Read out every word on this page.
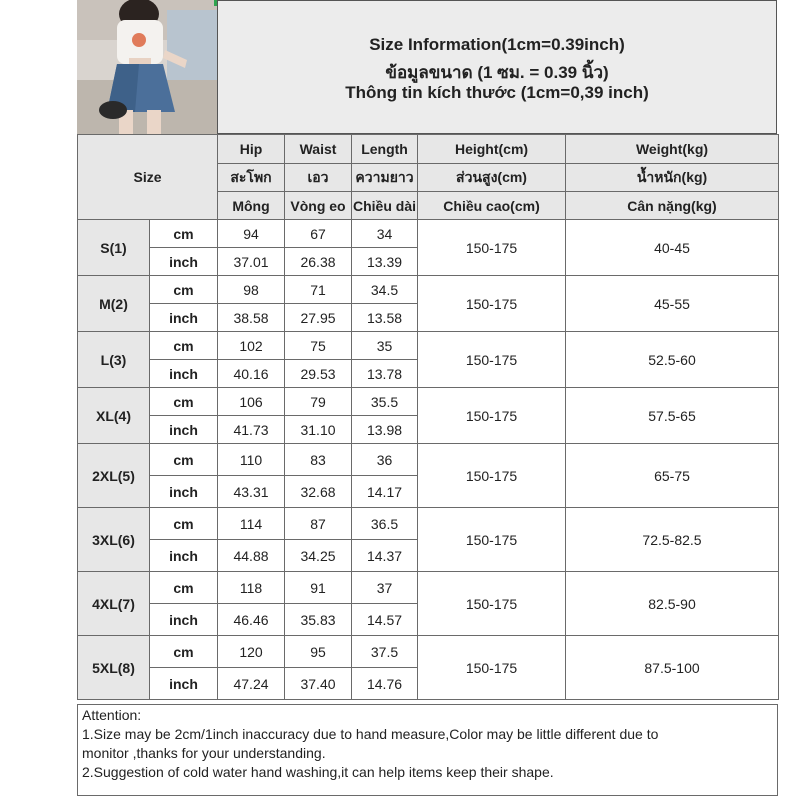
Size Information(1cm=0.39inch)
ข้อมูลขนาด (1 ซม. = 0.39 นิ้ว)
Thông tin kích thước (1cm=0,39 inch)
Size		Hip	Waist	Length	Height(cm)	Weight(kg)
		สะโพก	เอว	ความยาว	ส่วนสูง(cm)	น้ำหนัก(kg)
		Mông	Vòng eo	Chiều dài	Chiều cao(cm)	Cân nặng(kg)
S(1)	cm	94	67	34	150-175	40-45
	inch	37.01	26.38	13.39		
M(2)	cm	98	71	34.5	150-175	45-55
	inch	38.58	27.95	13.58		
L(3)	cm	102	75	35	150-175	52.5-60
	inch	40.16	29.53	13.78		
XL(4)	cm	106	79	35.5	150-175	57.5-65
	inch	41.73	31.10	13.98		
2XL(5)	cm	110	83	36	150-175	65-75
	inch	43.31	32.68	14.17		
3XL(6)	cm	114	87	36.5	150-175	72.5-82.5
	inch	44.88	34.25	14.37		
4XL(7)	cm	118	91	37	150-175	82.5-90
	inch	46.46	35.83	14.57		
5XL(8)	cm	120	95	37.5	150-175	87.5-100
	inch	47.24	37.40	14.76		
Attention:
1.Size may be 2cm/1inch inaccuracy due to hand measure,Color may be little different due to
monitor ,thanks for your understanding.
2.Suggestion of cold water hand washing,it can help items keep their shape.
